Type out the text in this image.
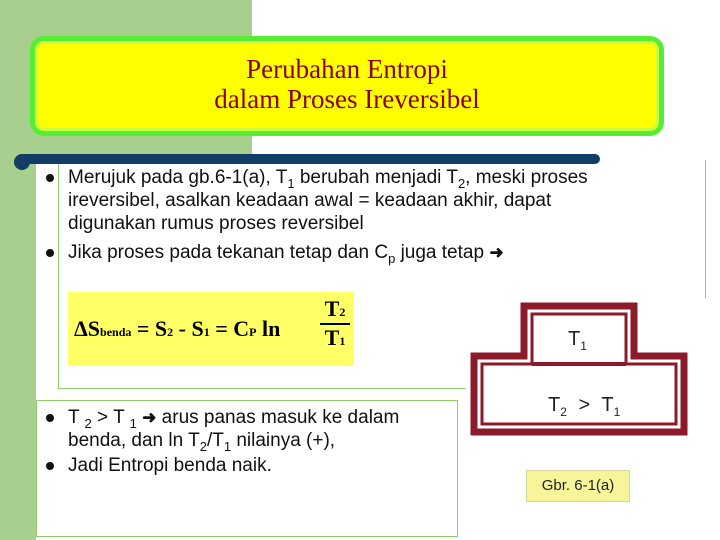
Perubahan Entropi
dalam Proses Ireversibel
Merujuk pada gb.6-1(a), $T_1$ berubah menjadi $T_2$, meski proses ireversibel, asalkan keadaan awal = keadaan akhir, dapat digunakan rumus proses reversibel
Jika proses pada tekanan tetap dan $C_p$ juga tetap ➜
ΔSbenda = S2 - S1 = CP $\ln \frac{T2}{T1}$	$T_1$
$T_2 > T_1$
Gbr. 6-1(a)
T $_2$ > T $_1$ ➜ arus panas masuk ke dalam benda, dan $\ln T_2/T_1$ nilainya (+),
Jadi Entropi benda naik.
